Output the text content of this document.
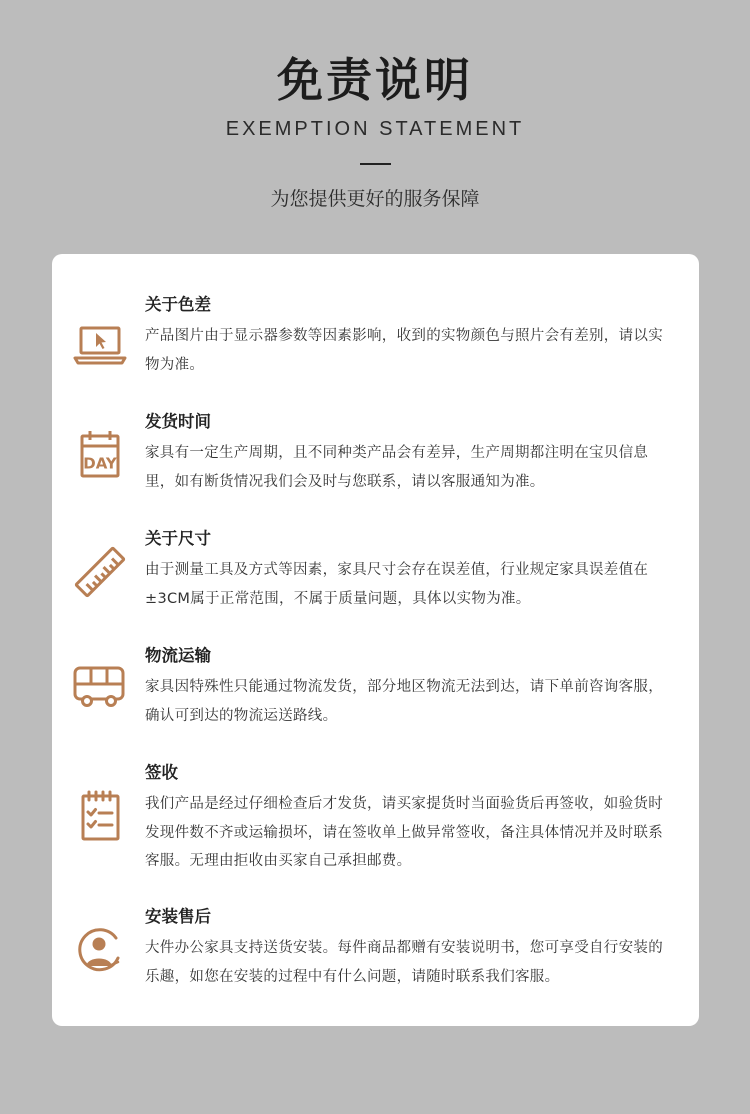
免责说明
EXEMPTION STATEMENT
为您提供更好的服务保障
关于色差
产品图片由于显示器参数等因素影响，收到的实物颜色与照片会有差别，请以实物为准。
DAY
发货时间
家具有一定生产周期，且不同种类产品会有差异，生产周期都注明在宝贝信息里，如有断货情况我们会及时与您联系，请以客服通知为准。
关于尺寸
由于测量工具及方式等因素，家具尺寸会存在误差值，行业规定家具误差值在±3CM属于正常范围，不属于质量问题，具体以实物为准。
物流运输
家具因特殊性只能通过物流发货，部分地区物流无法到达，请下单前咨询客服，确认可到达的物流运送路线。
签收
我们产品是经过仔细检查后才发货，请买家提货时当面验货后再签收，如验货时发现件数不齐或运输损坏，请在签收单上做异常签收，备注具体情况并及时联系客服。无理由拒收由买家自己承担邮费。
安装售后
大件办公家具支持送货安装。每件商品都赠有安装说明书，您可享受自行安装的乐趣，如您在安装的过程中有什么问题，请随时联系我们客服。
